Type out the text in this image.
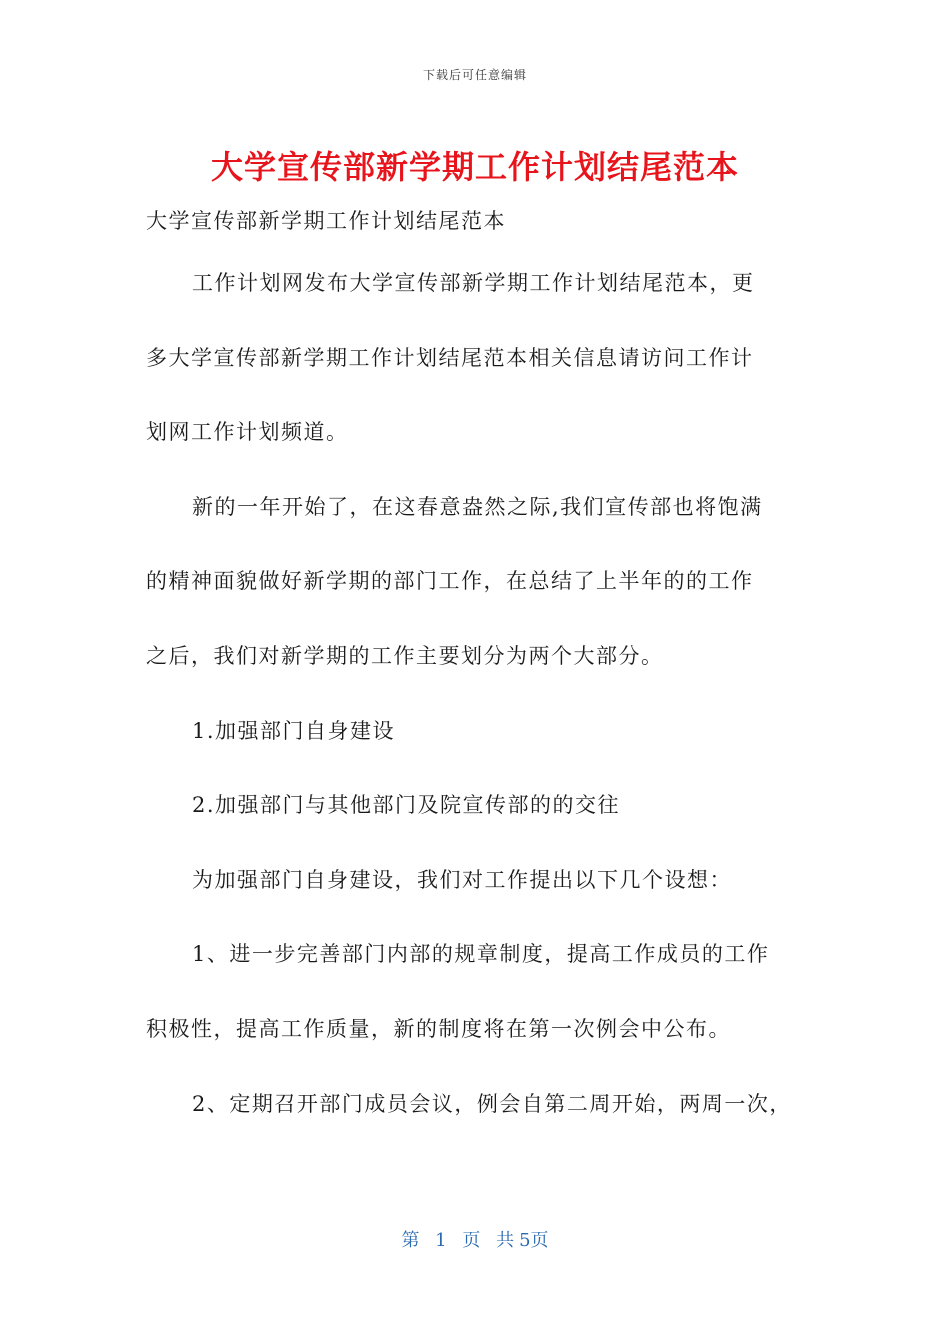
下载后可任意编辑
大学宣传部新学期工作计划结尾范本
大学宣传部新学期工作计划结尾范本
工作计划网发布大学宣传部新学期工作计划结尾范本，更
多大学宣传部新学期工作计划结尾范本相关信息请访问工作计
划网工作计划频道。
新的一年开始了，在这春意盎然之际,我们宣传部也将饱满
的精神面貌做好新学期的部门工作，在总结了上半年的的工作
之后，我们对新学期的工作主要划分为两个大部分。
1.加强部门自身建设
2.加强部门与其他部门及院宣传部的的交往
为加强部门自身建设，我们对工作提出以下几个设想：
1、进一步完善部门内部的规章制度，提高工作成员的工作
积极性，提高工作质量，新的制度将在第一次例会中公布。
2、定期召开部门成员会议，例会自第二周开始，两周一次，
第 1 页 共 5页
